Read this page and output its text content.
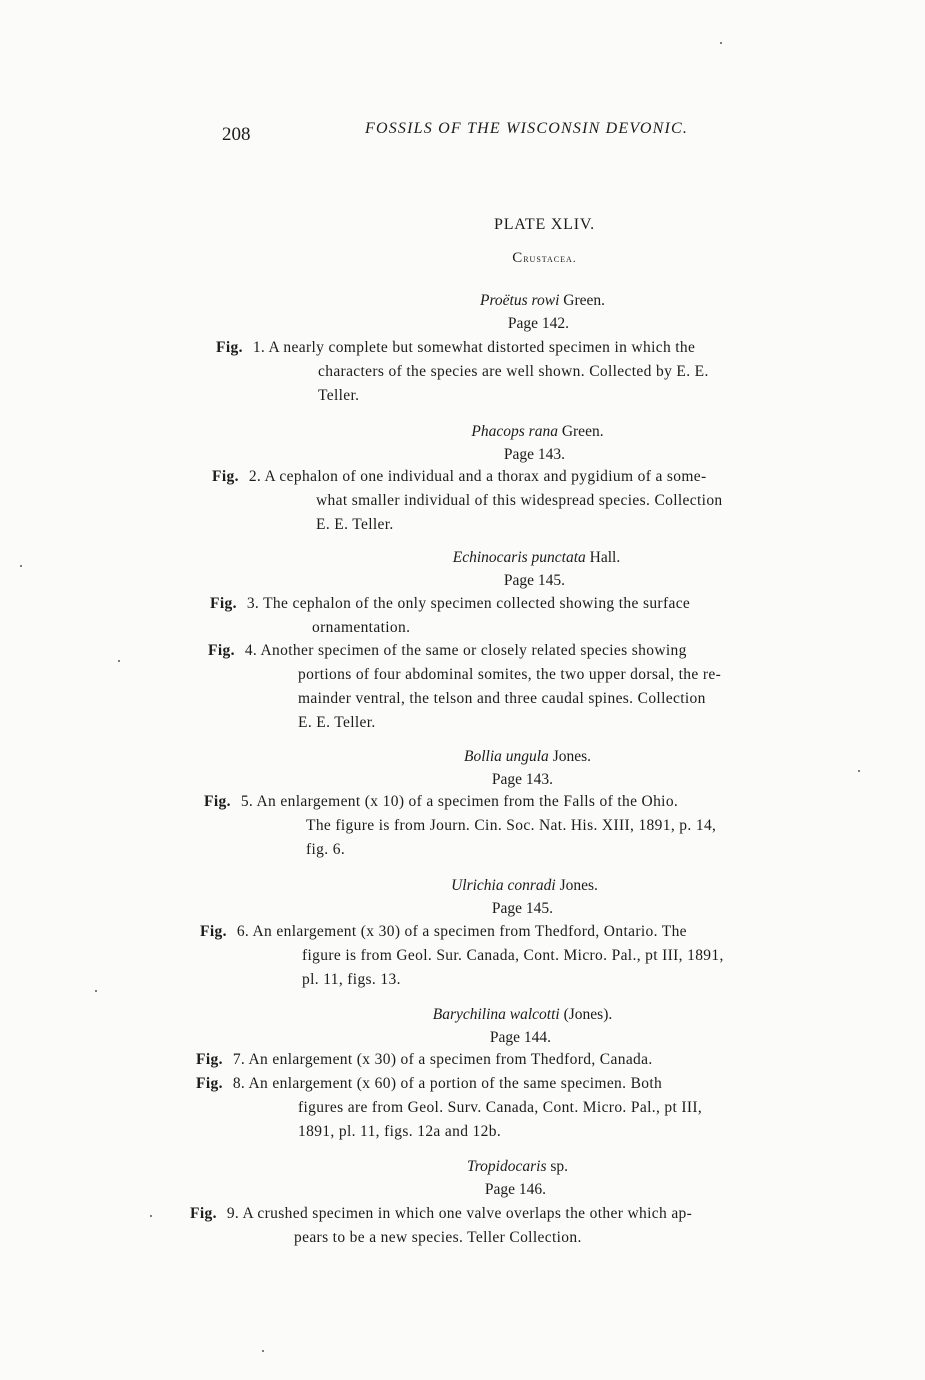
208	FOSSILS OF THE WISCONSIN DEVONIC.
PLATE XLIV.
Crustacea.
Proëtus rowi Green.
Page 142.
Fig. 1. A nearly complete but somewhat distorted specimen in which the
characters of the species are well shown. Collected by E. E.
Teller.
Phacops rana Green.
Page 143.
Fig. 2. A cephalon of one individual and a thorax and pygidium of a some-
what smaller individual of this widespread species. Collection
E. E. Teller.
Echinocaris punctata Hall.
Page 145.
Fig. 3. The cephalon of the only specimen collected showing the surface
ornamentation.
Fig. 4. Another specimen of the same or closely related species showing
portions of four abdominal somites, the two upper dorsal, the re-
mainder ventral, the telson and three caudal spines. Collection
E. E. Teller.
Bollia ungula Jones.
Page 143.
Fig. 5. An enlargement (x 10) of a specimen from the Falls of the Ohio.
The figure is from Journ. Cin. Soc. Nat. His. XIII, 1891, p. 14,
fig. 6.
Ulrichia conradi Jones.
Page 145.
Fig. 6. An enlargement (x 30) of a specimen from Thedford, Ontario. The
figure is from Geol. Sur. Canada, Cont. Micro. Pal., pt III, 1891,
pl. 11, figs. 13.
Barychilina walcotti (Jones).
Page 144.
Fig. 7. An enlargement (x 30) of a specimen from Thedford, Canada.
Fig. 8. An enlargement (x 60) of a portion of the same specimen. Both
figures are from Geol. Surv. Canada, Cont. Micro. Pal., pt III,
1891, pl. 11, figs. 12a and 12b.
Tropidocaris sp.
Page 146.
Fig. 9. A crushed specimen in which one valve overlaps the other which ap-
pears to be a new species. Teller Collection.
